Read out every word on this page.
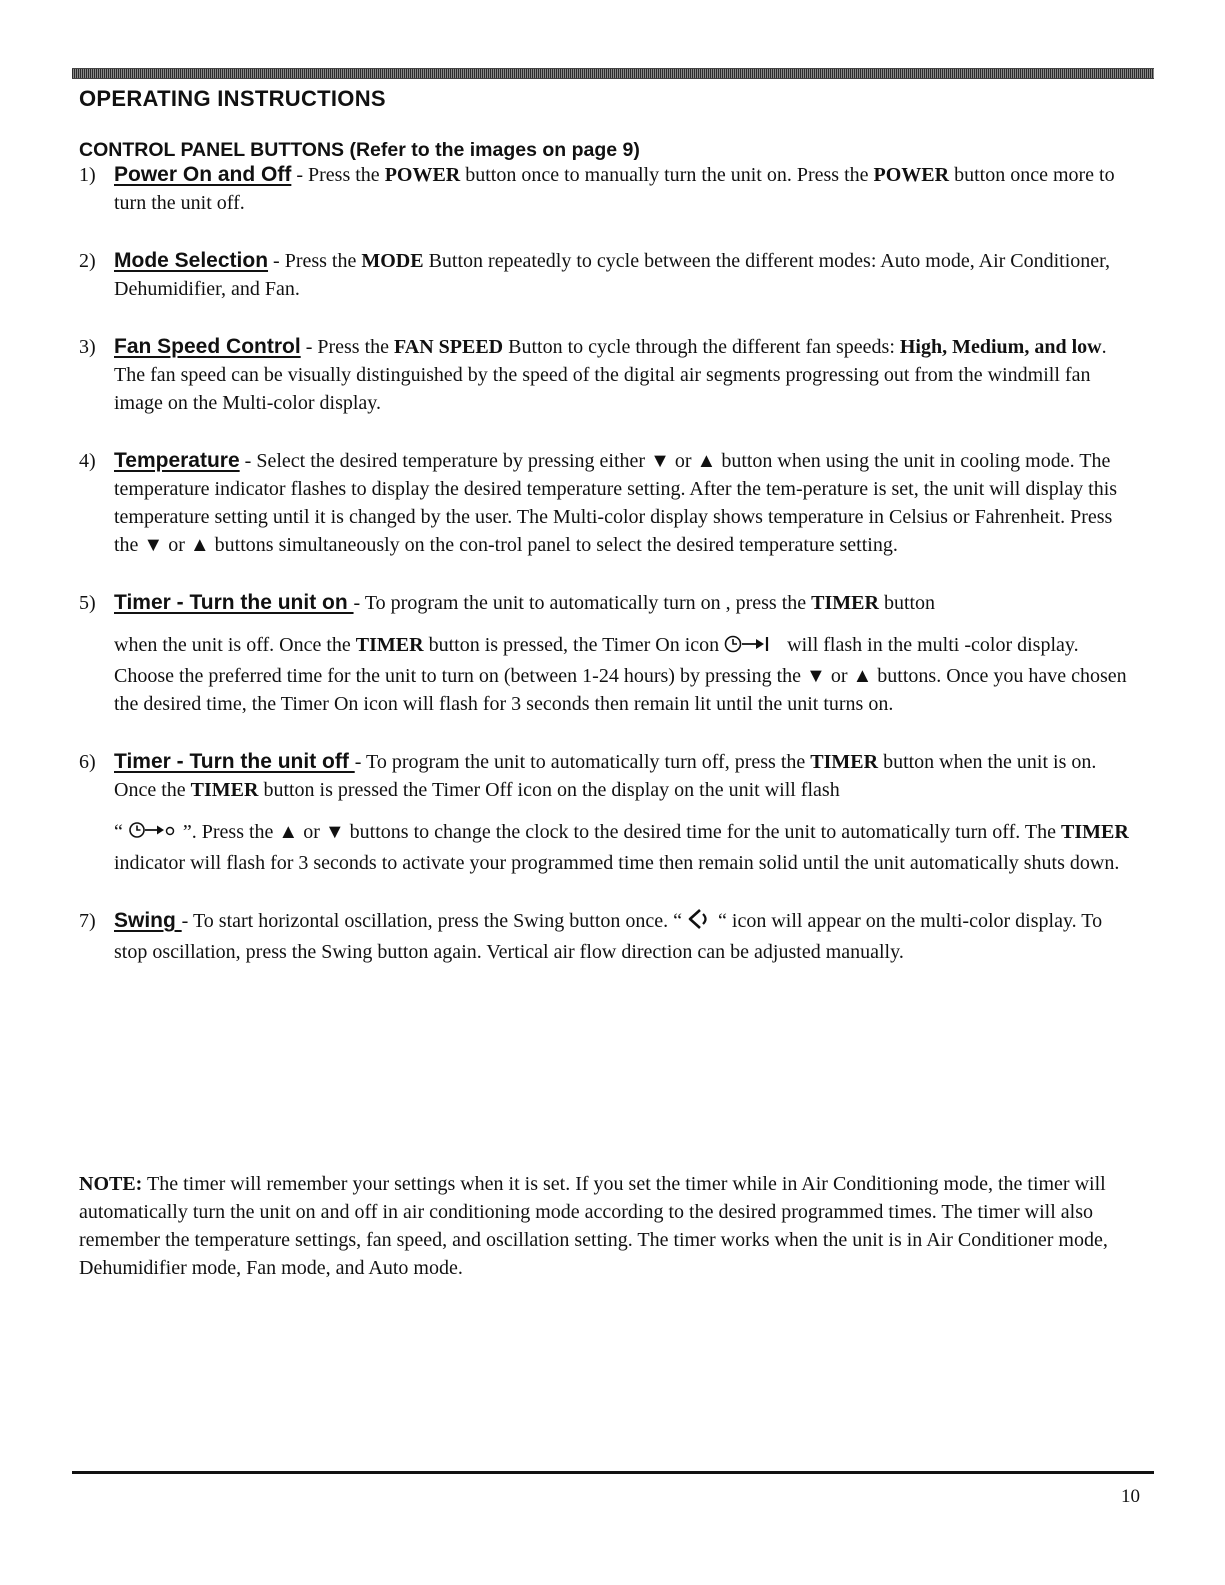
OPERATING INSTRUCTIONS
CONTROL PANEL BUTTONS (Refer to the images on page 9)
1) Power On and Off - Press the POWER button once to manually turn the unit on. Press the POWER button once more to turn the unit off.

2) Mode Selection - Press the MODE Button repeatedly to cycle between the different modes: Auto mode, Air Conditioner, Dehumidifier, and Fan.

3) Fan Speed Control - Press the FAN SPEED Button to cycle through the different fan speeds: High, Medium, and low. The fan speed can be visually distinguished by the speed of the digital air segments progressing out from the windmill fan image on the Multi-color display.

4) Temperature - Select the desired temperature by pressing either ▼ or ▲ button when using the unit in cooling mode. The temperature indicator flashes to display the desired temperature setting. After the tem-perature is set, the unit will display this temperature setting until it is changed by the user. The Multi-color display shows temperature in Celsius or Fahrenheit. Press the ▼ or ▲ buttons simultaneously on the con-trol panel to select the desired temperature setting.

5) Timer - Turn the unit on - To program the unit to automatically turn on , press the TIMER button

when the unit is off. Once the TIMER button is pressed, the Timer On icon	will flash in the multi -color display. Choose the preferred time for the unit to turn on (between 1-24 hours) by pressing the ▼ or ▲ buttons. Once you have chosen the desired time, the Timer On icon will flash for 3 seconds then remain lit until the unit turns on.

6) Timer - Turn the unit off - To program the unit to automatically turn off, press the TIMER button when the unit is on. Once the TIMER button is pressed the Timer Off icon on the display on the unit will flash

“	”. Press the ▲ or ▼ buttons to change the clock to the desired time for the unit to automatically turn off. The TIMER indicator will flash for 3 seconds to activate your programmed time then remain solid until the unit automatically shuts down.

7) Swing - To start horizontal oscillation, press the Swing button once. “  “ icon will appear on the multi-color display. To stop oscillation, press the Swing button again. Vertical air flow direction can be adjusted manually.

NOTE: The timer will remember your settings when it is set. If you set the timer while in Air Conditioning mode, the timer will automatically turn the unit on and off in air conditioning mode according to the desired programmed times. The timer will also remember the temperature settings, fan speed, and oscillation setting. The timer works when the unit is in Air Conditioner mode, Dehumidifier mode, Fan mode, and Auto mode.

10
